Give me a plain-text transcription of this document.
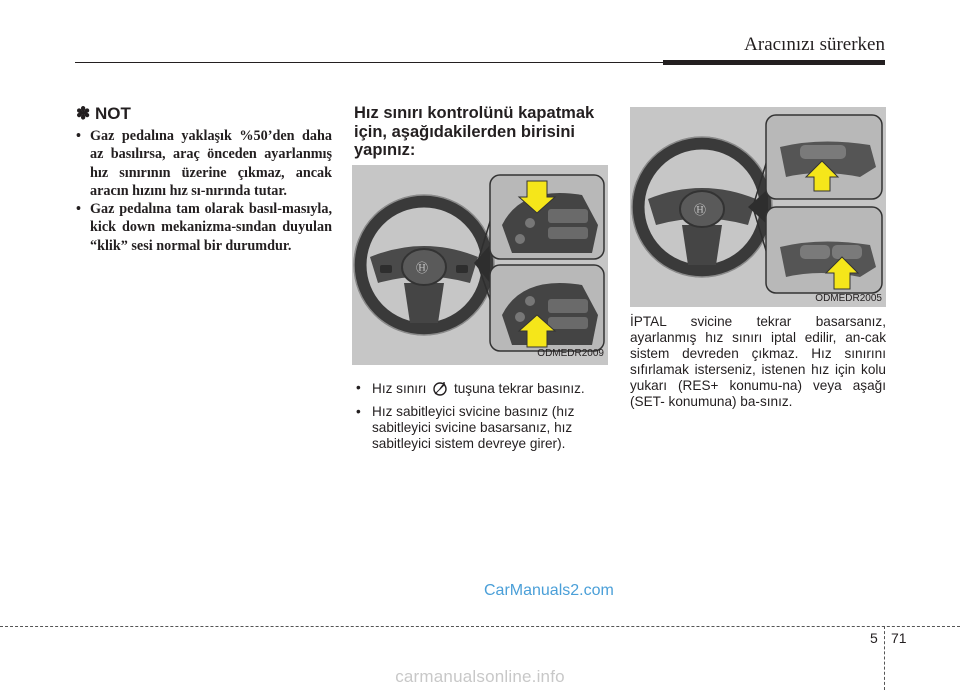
Aracınızı sürerken
✽ NOT
• Gaz pedalına yaklaşık %50’den daha az basılırsa, araç önceden ayarlanmış hız sınırının üzerine çıkmaz, ancak aracın hızını hız sı-nırında tutar.
• Gaz pedalına tam olarak basıl-masıyla, kick down mekanizma-sından duyulan “klik” sesi normal bir durumdur.
Hız sınırı kontrolünü kapatmak için, aşağıdakilerden birisini yapınız:
Ⓗ
ODMEDR2009
Ⓗ
ODMEDR2005
• Hız sınırı tuşuna tekrar basınız.
• Hız sabitleyici svicine basınız (hız sabitleyici svicine basarsanız, hız sabitleyici sistem devreye girer).
İPTAL svicine tekrar basarsanız, ayarlanmış hız sınırı iptal edilir, an-cak sistem devreden çıkmaz. Hız sınırını sıfırlamak isterseniz, istenen hız için kolu yukarı (RES+ konumu-na) veya aşağı (SET- konumuna) ba-sınız.
CarManuals2.com
5 71
carmanualsonline.info
